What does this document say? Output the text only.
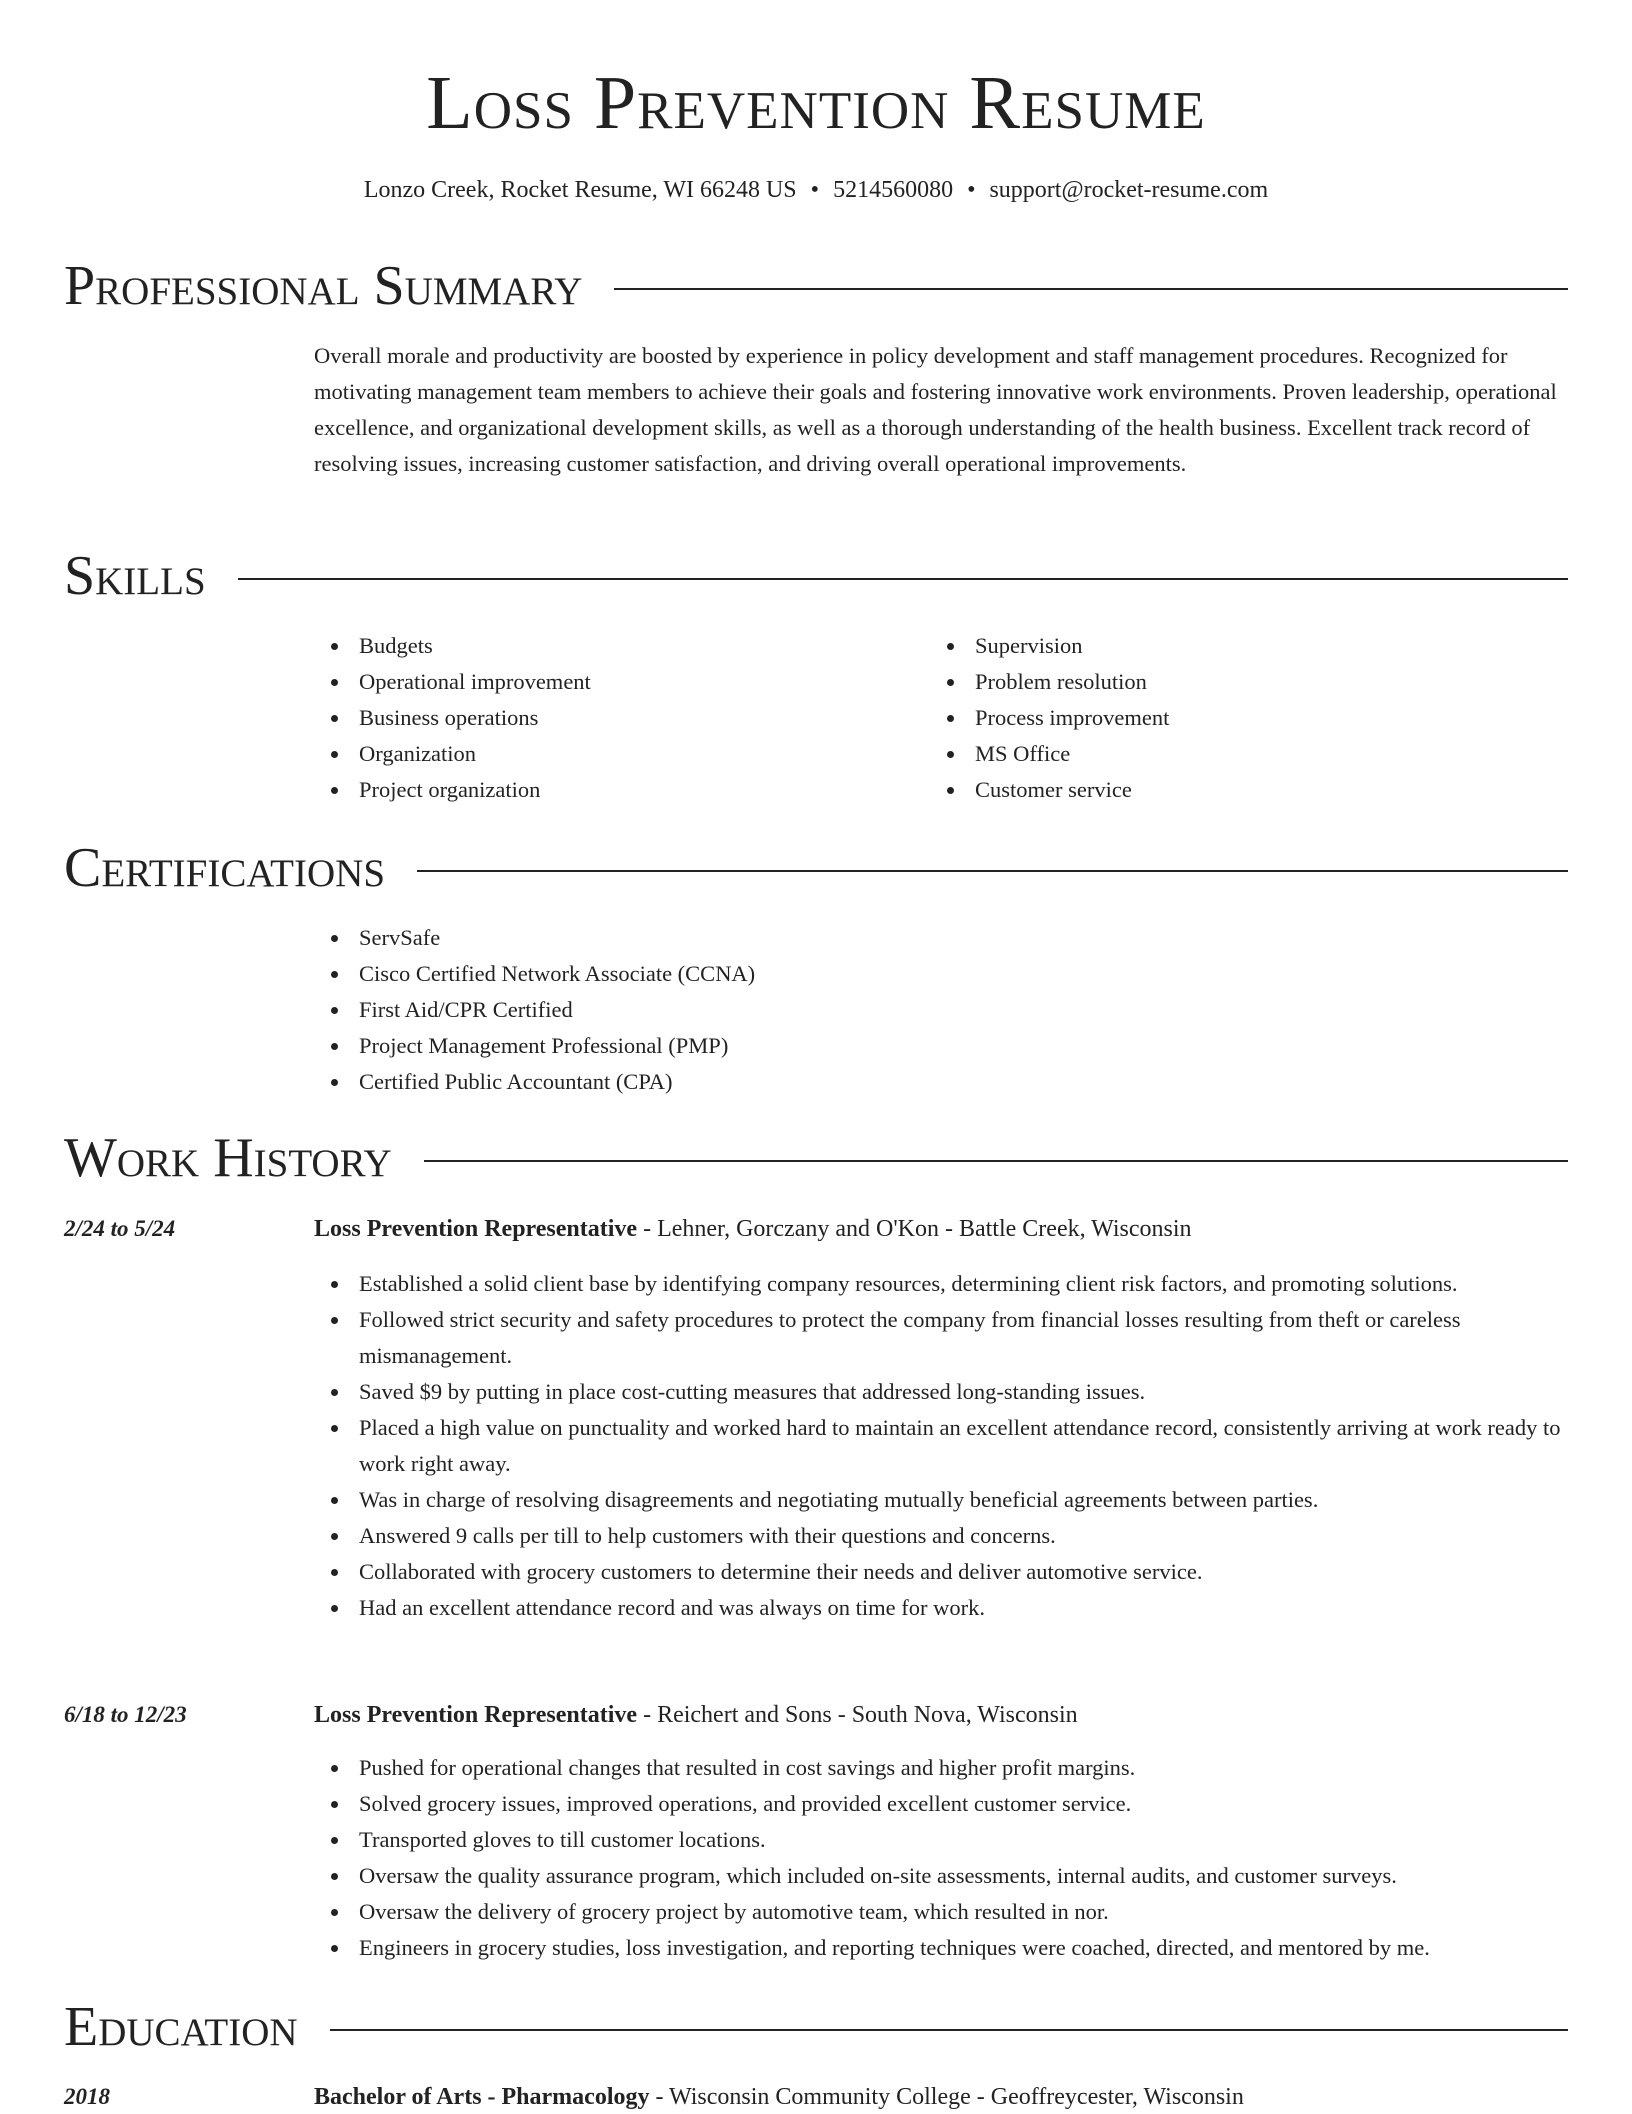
Loss Prevention Resume
Lonzo Creek, Rocket Resume, WI 66248 US • 5214560080 • support@rocket-resume.com
Professional Summary
Overall morale and productivity are boosted by experience in policy development and staff management procedures. Recognized for motivating management team members to achieve their goals and fostering innovative work environments. Proven leadership, operational excellence, and organizational development skills, as well as a thorough understanding of the health business. Excellent track record of resolving issues, increasing customer satisfaction, and driving overall operational improvements.
Skills
Budgets
Operational improvement
Business operations
Organization
Project organization
Supervision
Problem resolution
Process improvement
MS Office
Customer service
Certifications
ServSafe
Cisco Certified Network Associate (CCNA)
First Aid/CPR Certified
Project Management Professional (PMP)
Certified Public Accountant (CPA)
Work History
2/24 to 5/24	Loss Prevention Representative - Lehner, Gorczany and O'Kon - Battle Creek, Wisconsin
Established a solid client base by identifying company resources, determining client risk factors, and promoting solutions.
Followed strict security and safety procedures to protect the company from financial losses resulting from theft or careless mismanagement.
Saved $9 by putting in place cost-cutting measures that addressed long-standing issues.
Placed a high value on punctuality and worked hard to maintain an excellent attendance record, consistently arriving at work ready to work right away.
Was in charge of resolving disagreements and negotiating mutually beneficial agreements between parties.
Answered 9 calls per till to help customers with their questions and concerns.
Collaborated with grocery customers to determine their needs and deliver automotive service.
Had an excellent attendance record and was always on time for work.
6/18 to 12/23	Loss Prevention Representative - Reichert and Sons - South Nova, Wisconsin
Pushed for operational changes that resulted in cost savings and higher profit margins.
Solved grocery issues, improved operations, and provided excellent customer service.
Transported gloves to till customer locations.
Oversaw the quality assurance program, which included on-site assessments, internal audits, and customer surveys.
Oversaw the delivery of grocery project by automotive team, which resulted in nor.
Engineers in grocery studies, loss investigation, and reporting techniques were coached, directed, and mentored by me.
Education
2018	Bachelor of Arts - Pharmacology - Wisconsin Community College - Geoffreycester, Wisconsin
